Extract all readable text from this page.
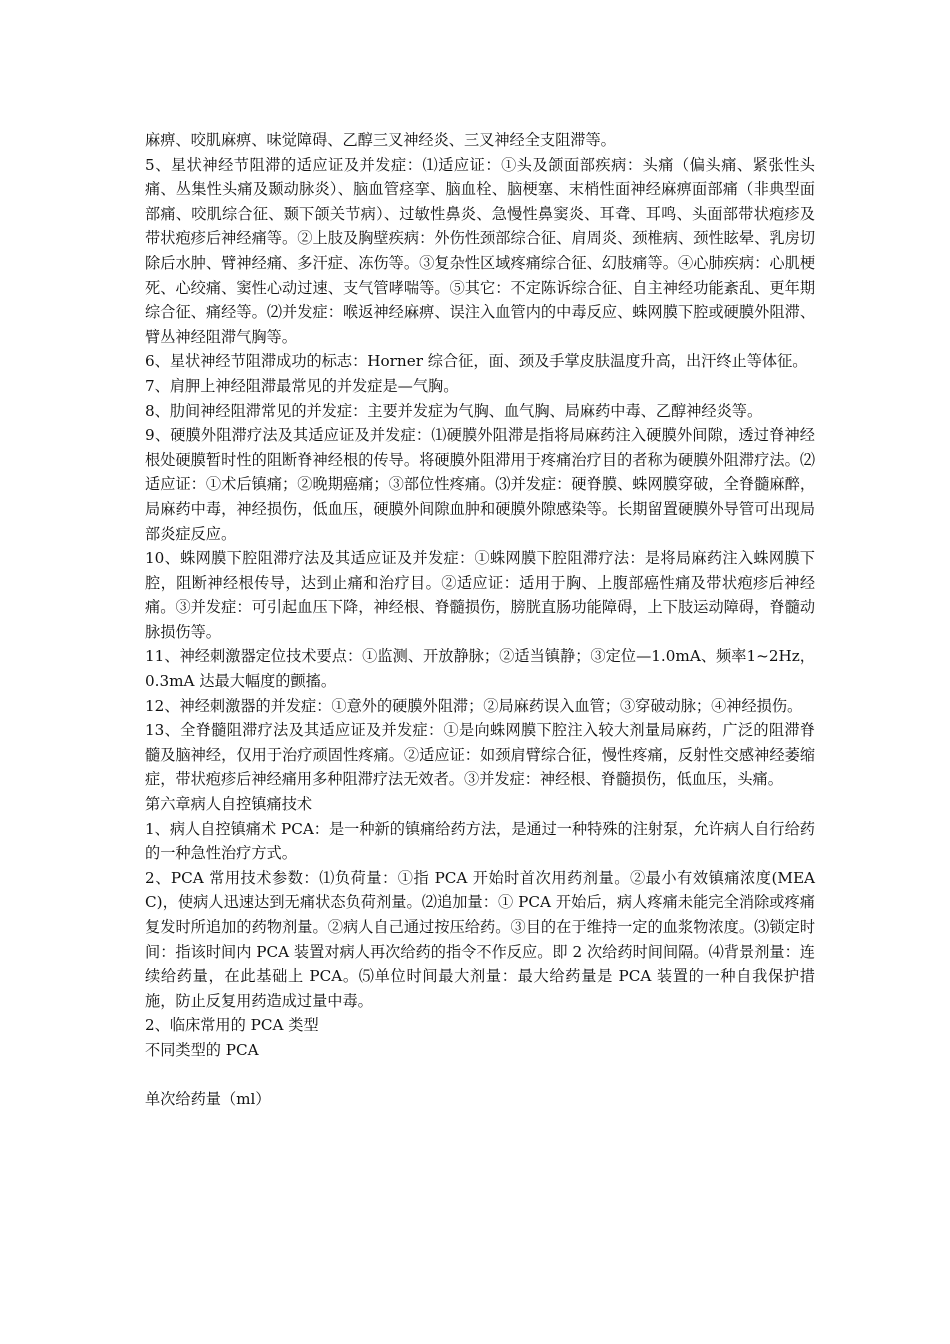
麻痹、咬肌麻痹、味觉障碍、乙醇三叉神经炎、三叉神经全支阻滞等。

5、星状神经节阻滞的适应证及并发症：⑴适应证：①头及颌面部疾病：头痛（偏头痛、紧张性头痛、丛集性头痛及颞动脉炎）、脑血管痉挛、脑血栓、脑梗塞、末梢性面神经麻痹面部痛（非典型面部痛、咬肌综合征、颞下颌关节病）、过敏性鼻炎、急慢性鼻窦炎、耳聋、耳鸣、头面部带状疱疹及带状疱疹后神经痛等。②上肢及胸壁疾病：外伤性颈部综合征、肩周炎、颈椎病、颈性眩晕、乳房切除后水肿、臂神经痛、多汗症、冻伤等。③复杂性区域疼痛综合征、幻肢痛等。④心肺疾病：心肌梗死、心绞痛、窦性心动过速、支气管哮喘等。⑤其它：不定陈诉综合征、自主神经功能紊乱、更年期综合征、痛经等。⑵并发症：喉返神经麻痹、误注入血管内的中毒反应、蛛网膜下腔或硬膜外阻滞、臂丛神经阻滞气胸等。

6、星状神经节阻滞成功的标志：Horner 综合征，面、颈及手掌皮肤温度升高，出汗终止等体征。

7、肩胛上神经阻滞最常见的并发症是—气胸。

8、肋间神经阻滞常见的并发症：主要并发症为气胸、血气胸、局麻药中毒、乙醇神经炎等。

9、硬膜外阻滞疗法及其适应证及并发症：⑴硬膜外阻滞是指将局麻药注入硬膜外间隙，透过脊神经根处硬膜暂时性的阻断脊神经根的传导。将硬膜外阻滞用于疼痛治疗目的者称为硬膜外阻滞疗法。⑵适应证：①术后镇痛；②晚期癌痛；③部位性疼痛。⑶并发症：硬脊膜、蛛网膜穿破，全脊髓麻醉，局麻药中毒，神经损伤，低血压，硬膜外间隙血肿和硬膜外隙感染等。长期留置硬膜外导管可出现局部炎症反应。

10、蛛网膜下腔阻滞疗法及其适应证及并发症：①蛛网膜下腔阻滞疗法：是将局麻药注入蛛网膜下腔，阻断神经根传导，达到止痛和治疗目。②适应证：适用于胸、上腹部癌性痛及带状疱疹后神经痛。③并发症：可引起血压下降，神经根、脊髓损伤，膀胱直肠功能障碍，上下肢运动障碍，脊髓动脉损伤等。

11、神经刺激器定位技术要点：①监测、开放静脉；②适当镇静；③定位—1.0mA、频率1~2Hz，0.3mA 达最大幅度的颤搐。

12、神经刺激器的并发症：①意外的硬膜外阻滞；②局麻药误入血管；③穿破动脉；④神经损伤。

13、全脊髓阻滞疗法及其适应证及并发症：①是向蛛网膜下腔注入较大剂量局麻药，广泛的阻滞脊髓及脑神经，仅用于治疗顽固性疼痛。②适应证：如颈肩臂综合征，慢性疼痛，反射性交感神经萎缩症，带状疱疹后神经痛用多种阻滞疗法无效者。③并发症：神经根、脊髓损伤，低血压，头痛。

第六章病人自控镇痛技术

1、病人自控镇痛术 PCA：是一种新的镇痛给药方法，是通过一种特殊的注射泵，允许病人自行给药的一种急性治疗方式。

2、PCA 常用技术参数：⑴负荷量：①指 PCA 开始时首次用药剂量。②最小有效镇痛浓度(MEAC)，使病人迅速达到无痛状态负荷剂量。⑵追加量：① PCA 开始后，病人疼痛未能完全消除或疼痛复发时所追加的药物剂量。②病人自己通过按压给药。③目的在于维持一定的血浆物浓度。⑶锁定时间：指该时间内 PCA 装置对病人再次给药的指令不作反应。即 2 次给药时间间隔。⑷背景剂量：连续给药量，在此基础上 PCA。⑸单位时间最大剂量：最大给药量是 PCA 装置的一种自我保护措施，防止反复用药造成过量中毒。

2、临床常用的 PCA 类型

不同类型的 PCA

单次给药量（ml）
